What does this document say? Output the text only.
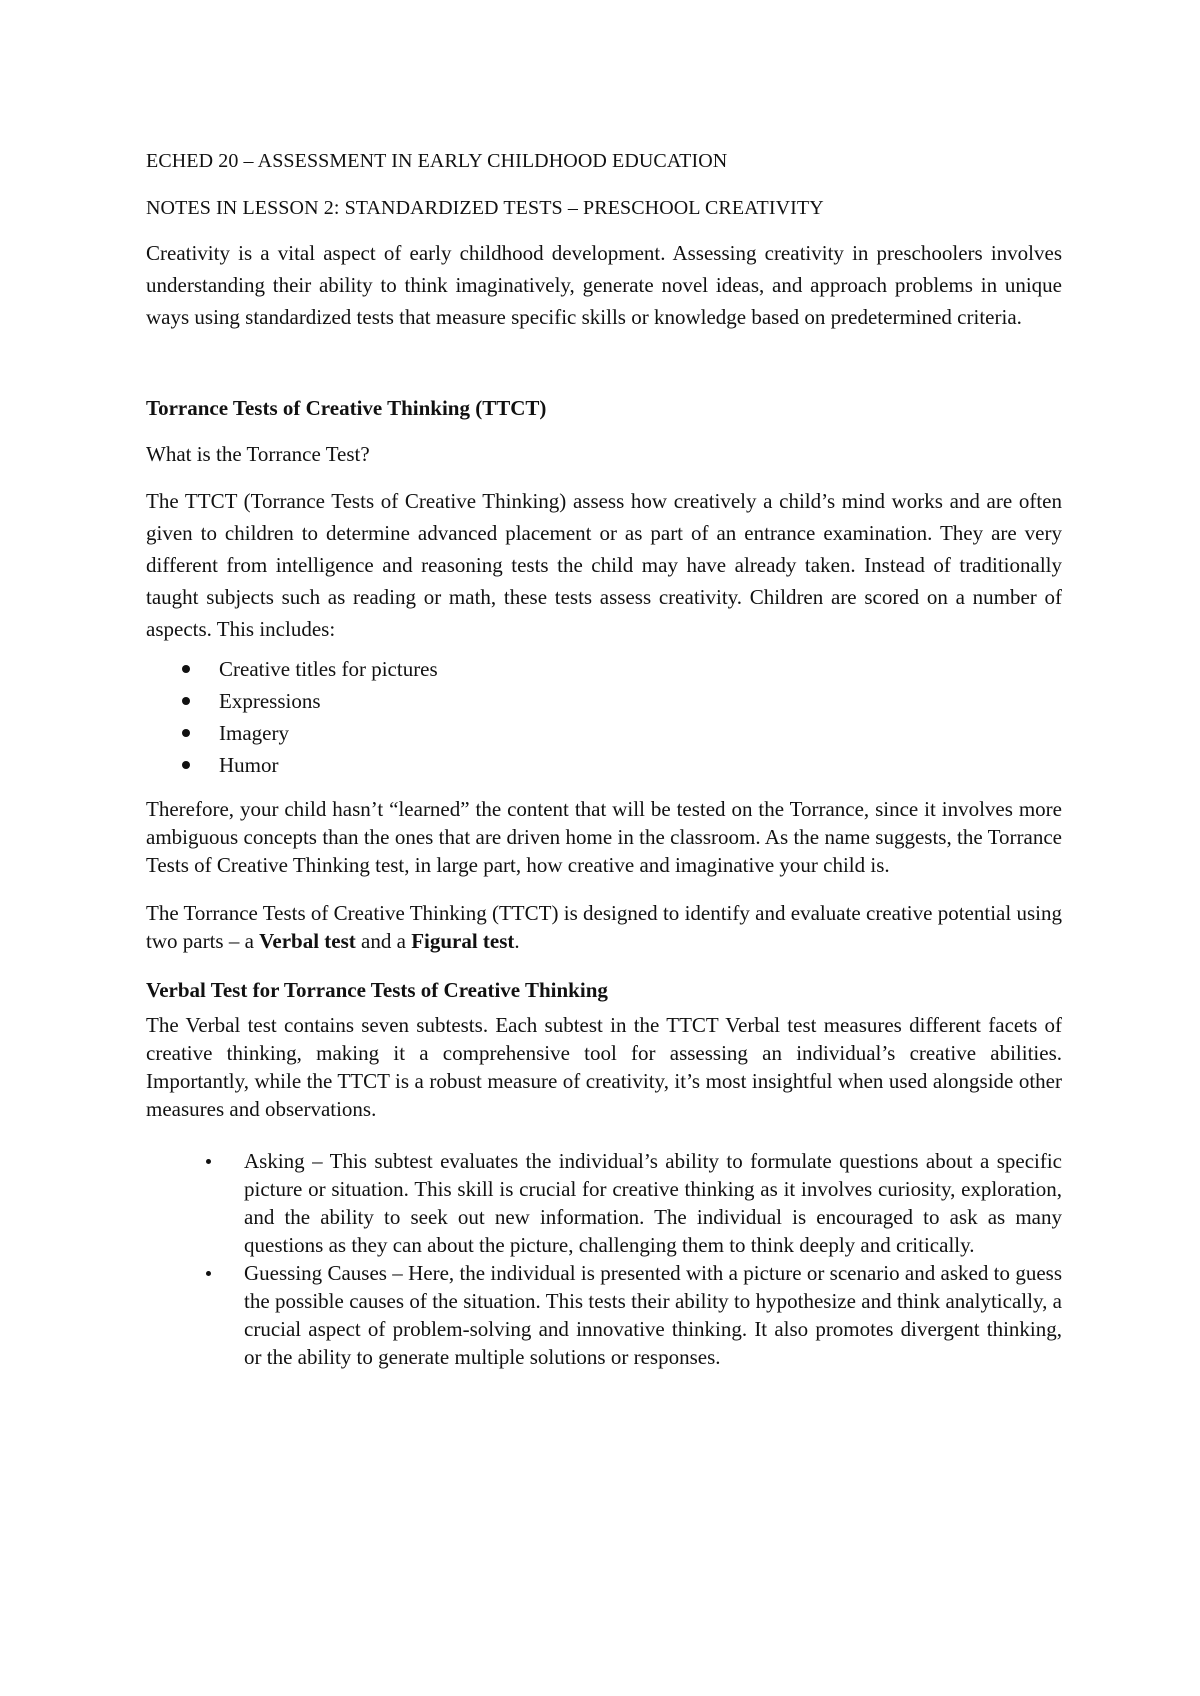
ECHED 20 – ASSESSMENT IN EARLY CHILDHOOD EDUCATION

NOTES IN LESSON 2: STANDARDIZED TESTS – PRESCHOOL CREATIVITY

Creativity is a vital aspect of early childhood development. Assessing creativity in preschoolers involves understanding their ability to think imaginatively, generate novel ideas, and approach problems in unique ways using standardized tests that measure specific skills or knowledge based on predetermined criteria.

Torrance Tests of Creative Thinking (TTCT)

What is the Torrance Test?

The TTCT (Torrance Tests of Creative Thinking) assess how creatively a child’s mind works and are often given to children to determine advanced placement or as part of an entrance examination. They are very different from intelligence and reasoning tests the child may have already taken. Instead of traditionally taught subjects such as reading or math, these tests assess creativity. Children are scored on a number of aspects. This includes:

Creative titles for pictures
Expressions
Imagery
Humor

Therefore, your child hasn’t “learned” the content that will be tested on the Torrance, since it involves more ambiguous concepts than the ones that are driven home in the classroom. As the name suggests, the Torrance Tests of Creative Thinking test, in large part, how creative and imaginative your child is.

The Torrance Tests of Creative Thinking (TTCT) is designed to identify and evaluate creative potential using two parts – a Verbal test and a Figural test.

Verbal Test for Torrance Tests of Creative Thinking

The Verbal test contains seven subtests. Each subtest in the TTCT Verbal test measures different facets of creative thinking, making it a comprehensive tool for assessing an individual’s creative abilities. Importantly, while the TTCT is a robust measure of creativity, it’s most insightful when used alongside other measures and observations.

Asking – This subtest evaluates the individual’s ability to formulate questions about a specific picture or situation. This skill is crucial for creative thinking as it involves curiosity, exploration, and the ability to seek out new information. The individual is encouraged to ask as many questions as they can about the picture, challenging them to think deeply and critically.
Guessing Causes – Here, the individual is presented with a picture or scenario and asked to guess the possible causes of the situation. This tests their ability to hypothesize and think analytically, a crucial aspect of problem-solving and innovative thinking. It also promotes divergent thinking, or the ability to generate multiple solutions or responses.
